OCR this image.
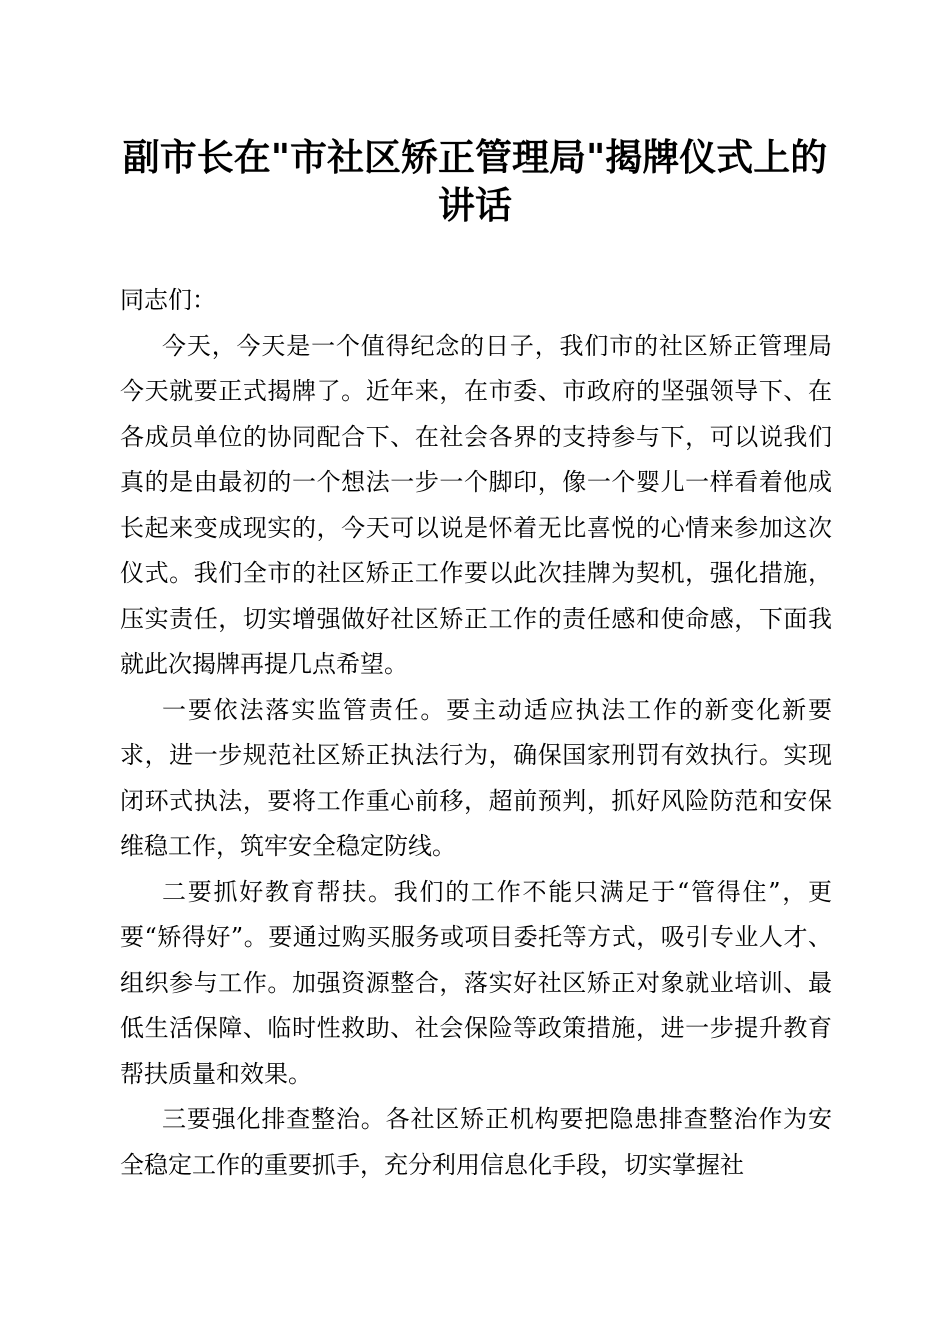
副市长在"市社区矫正管理局"揭牌仪式上的讲话

同志们：

今天，今天是一个值得纪念的日子，我们市的社区矫正管理局今天就要正式揭牌了。近年来，在市委、市政府的坚强领导下、在各成员单位的协同配合下、在社会各界的支持参与下，可以说我们真的是由最初的一个想法一步一个脚印，像一个婴儿一样看着他成长起来变成现实的，今天可以说是怀着无比喜悦的心情来参加这次仪式。我们全市的社区矫正工作要以此次挂牌为契机，强化措施，压实责任，切实增强做好社区矫正工作的责任感和使命感，下面我就此次揭牌再提几点希望。

一要依法落实监管责任。要主动适应执法工作的新变化新要求，进一步规范社区矫正执法行为，确保国家刑罚有效执行。实现闭环式执法，要将工作重心前移，超前预判，抓好风险防范和安保维稳工作，筑牢安全稳定防线。

二要抓好教育帮扶。我们的工作不能只满足于“管得住”，更要“矫得好”。要通过购买服务或项目委托等方式，吸引专业人才、组织参与工作。加强资源整合，落实好社区矫正对象就业培训、最低生活保障、临时性救助、社会保险等政策措施，进一步提升教育帮扶质量和效果。

三要强化排查整治。各社区矫正机构要把隐患排查整治作为安全稳定工作的重要抓手，充分利用信息化手段，切实掌握社
